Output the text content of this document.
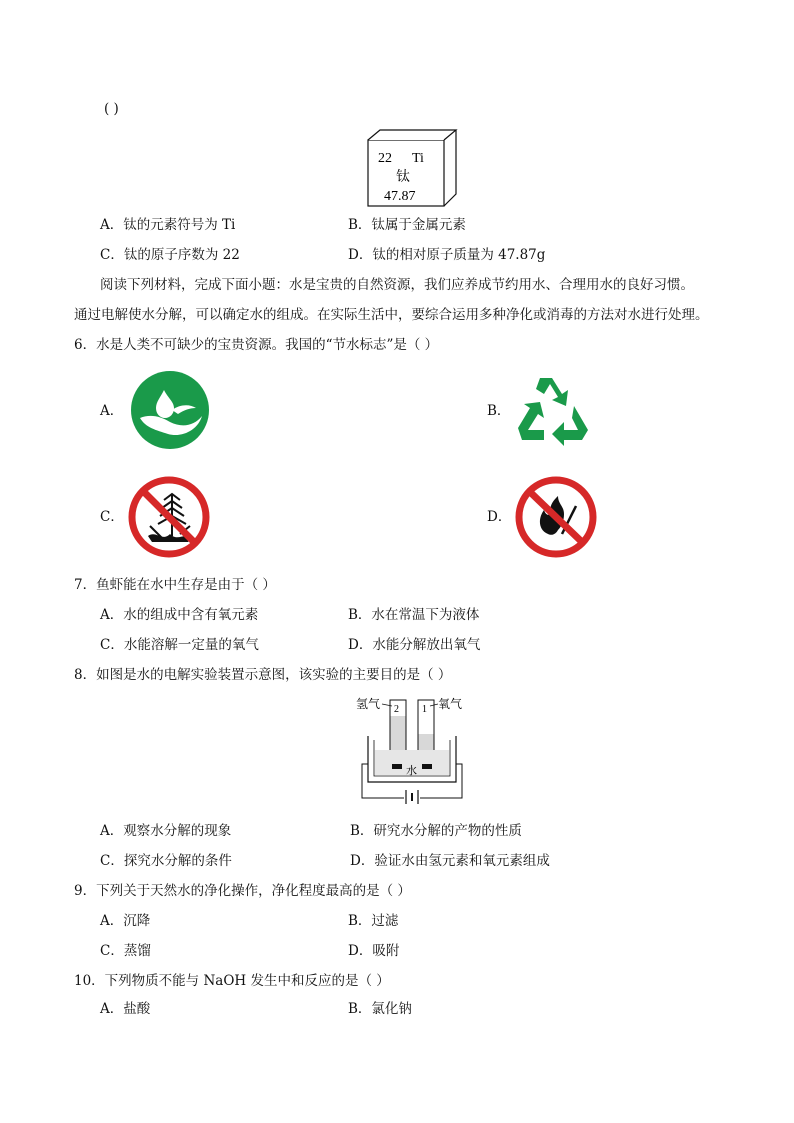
( )
22 Ti
钛
47.87
A．钛的元素符号为 Ti	B．钛属于金属元素
C．钛的原子序数为 22	D．钛的相对原子质量为 47.87g
阅读下列材料，完成下面小题：水是宝贵的自然资源，我们应养成节约用水、合理用水的良好习惯。
通过电解使水分解，可以确定水的组成。在实际生活中，要综合运用多种净化或消毒的方法对水进行处理。
6．水是人类不可缺少的宝贵资源。我国的“节水标志”是（ ）
A．	B．
C．	D．
7．鱼虾能在水中生存是由于（ ）
A．水的组成中含有氧元素	B．水在常温下为液体
C．水能溶解一定量的氧气	D．水能分解放出氧气
8．如图是水的电解实验装置示意图，该实验的主要目的是（ ）
氢气	氧气
2 1
水
A．观察水分解的现象	B．研究水分解的产物的性质
C．探究水分解的条件	D．验证水由氢元素和氧元素组成
9．下列关于天然水的净化操作，净化程度最高的是（ ）
A．沉降	B．过滤
C．蒸馏	D．吸附
10．下列物质不能与 NaOH 发生中和反应的是（ ）
A．盐酸	B．氯化钠
